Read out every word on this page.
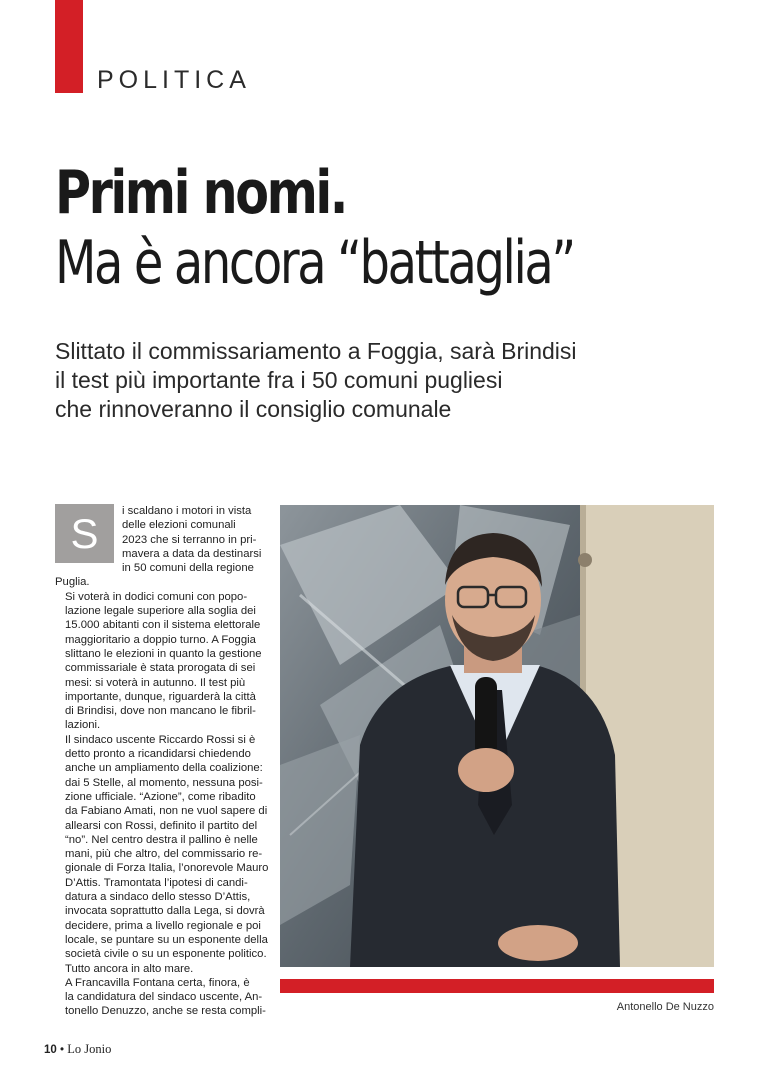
POLITICA
Primi nomi.
Ma è ancora “battaglia”
Slittato il commissariamento a Foggia, sarà Brindisi
il test più importante fra i 50 comuni pugliesi
che rinnoveranno il consiglio comunale
S	i scaldano i motori in vista
delle elezioni comunali
2023 che si terranno in pri-
mavera a data da destinarsi
in 50 comuni della regione

Puglia.

Si voterà in dodici comuni con popo-
lazione legale superiore alla soglia dei
15.000 abitanti con il sistema elettorale
maggioritario a doppio turno. A Foggia
slittano le elezioni in quanto la gestione
commissariale è stata prorogata di sei
mesi: si voterà in autunno. Il test più
importante, dunque, riguarderà la città
di Brindisi, dove non mancano le fibril-
lazioni.

Il sindaco uscente Riccardo Rossi si è
detto pronto a ricandidarsi chiedendo
anche un ampliamento della coalizione:
dai 5 Stelle, al momento, nessuna posi-
zione ufficiale. “Azione”, come ribadito
da Fabiano Amati, non ne vuol sapere di
allearsi con Rossi, definito il partito del
“no”. Nel centro destra il pallino è nelle
mani, più che altro, del commissario re-
gionale di Forza Italia, l’onorevole Mauro
D’Attis. Tramontata l’ipotesi di candi-
datura a sindaco dello stesso D’Attis,
invocata soprattutto dalla Lega, si dovrà
decidere, prima a livello regionale e poi
locale, se puntare su un esponente della
società civile o su un esponente politico.
Tutto ancora in alto mare.

A Francavilla Fontana certa, finora, è
la candidatura del sindaco uscente, An-
tonello Denuzzo, anche se resta compli-	Antonello De Nuzzo
10 • Lo Jonio
